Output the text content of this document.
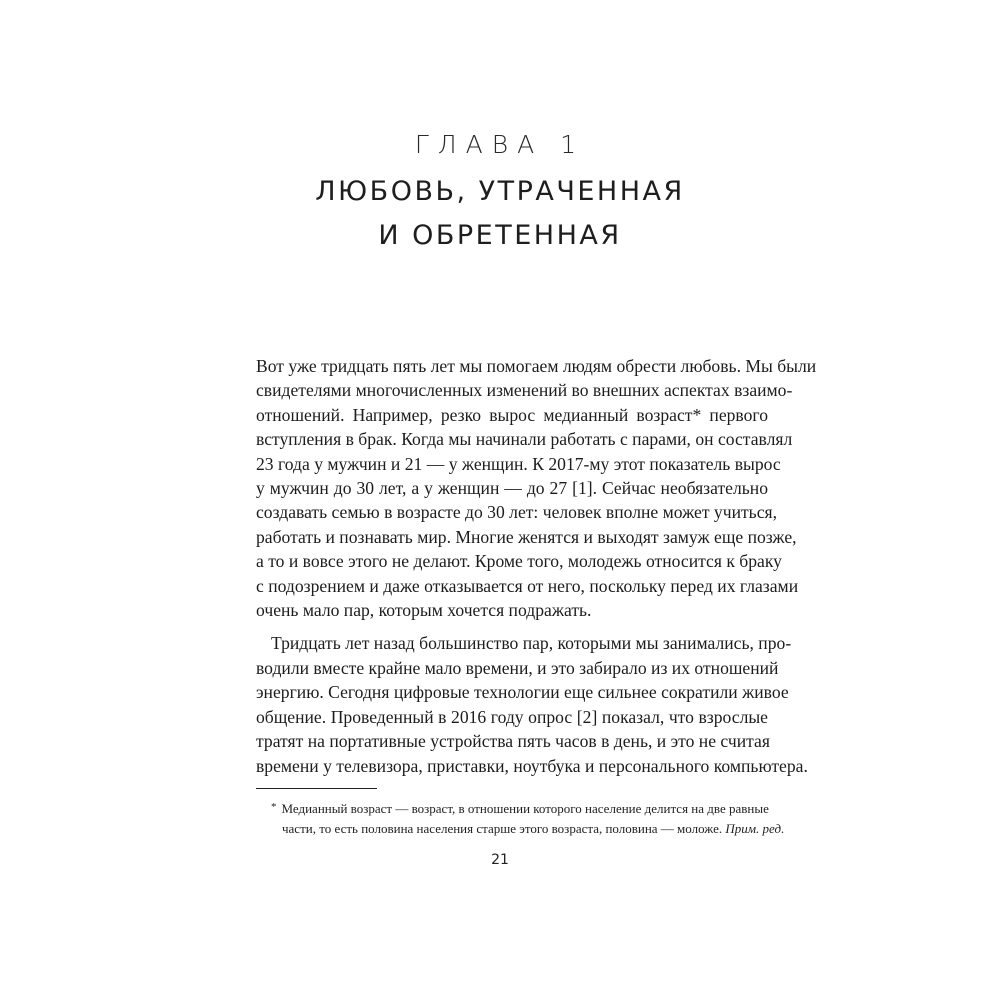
ГЛАВА 1
ЛЮБОВЬ, УТРАЧЕННАЯ
И ОБРЕТЕННАЯ
Вот уже тридцать пять лет мы помогаем людям обрести любовь. Мы были
свидетелями многочисленных изменений во внешних аспектах взаимо-
отношений. Например, резко вырос медианный возраст* первого
вступления в брак. Когда мы начинали работать с парами, он составлял
23 года у мужчин и 21 — у женщин. К 2017-му этот показатель вырос
у мужчин до 30 лет, а у женщин — до 27 [1]. Сейчас необязательно
создавать семью в возрасте до 30 лет: человек вполне может учиться,
работать и познавать мир. Многие женятся и выходят замуж еще позже,
а то и вовсе этого не делают. Кроме того, молодежь относится к браку
с подозрением и даже отказывается от него, поскольку перед их глазами
очень мало пар, которым хочется подражать.
Тридцать лет назад большинство пар, которыми мы занимались, про-
водили вместе крайне мало времени, и это забирало из их отношений
энергию. Сегодня цифровые технологии еще сильнее сократили живое
общение. Проведенный в 2016 году опрос [2] показал, что взрослые
тратят на портативные устройства пять часов в день, и это не считая
времени у телевизора, приставки, ноутбука и персонального компьютера.
* Медианный возраст — возраст, в отношении которого население делится на две равные
части, то есть половина населения старше этого возраста, половина — моложе. Прим. ред.
21
